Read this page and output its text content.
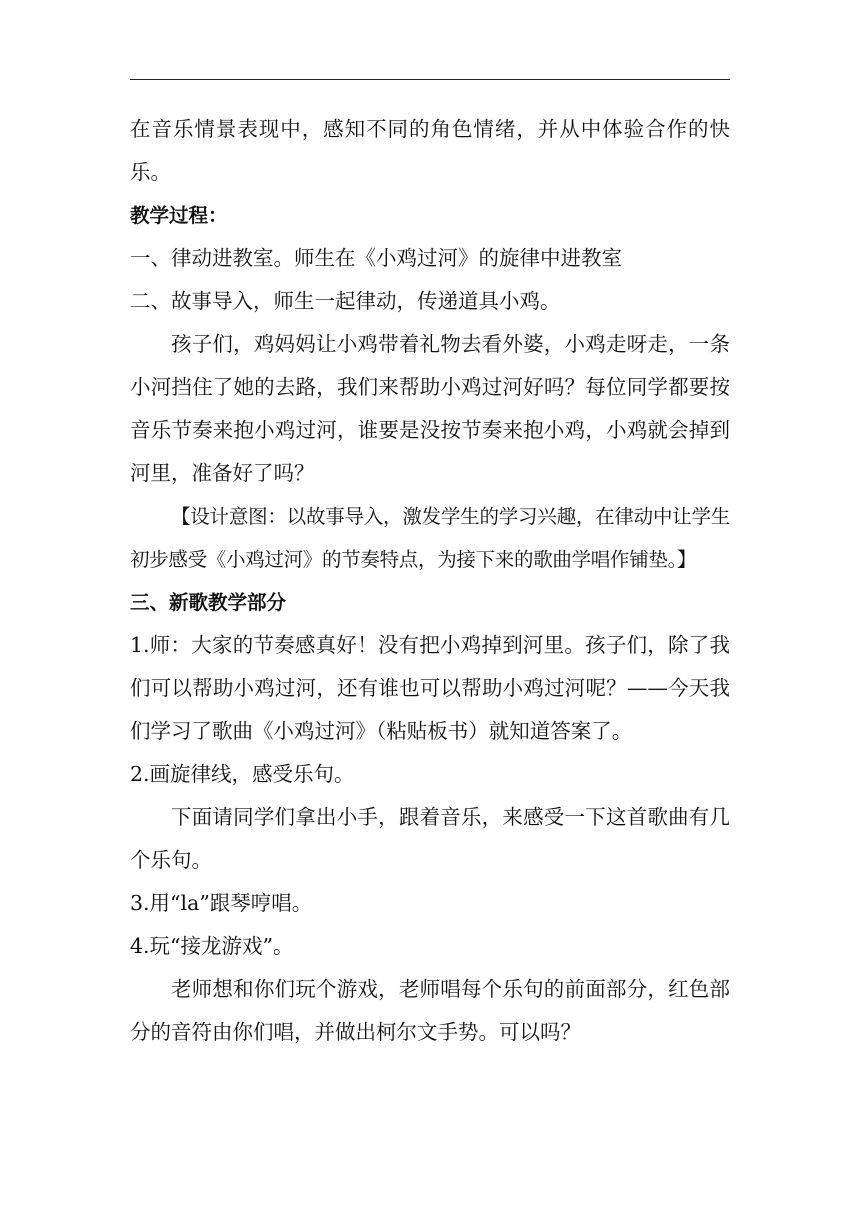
在音乐情景表现中，感知不同的角色情绪，并从中体验合作的快乐。

教学过程：

一、律动进教室。师生在《小鸡过河》的旋律中进教室

二、故事导入，师生一起律动，传递道具小鸡。

孩子们，鸡妈妈让小鸡带着礼物去看外婆，小鸡走呀走，一条小河挡住了她的去路，我们来帮助小鸡过河好吗？每位同学都要按音乐节奏来抱小鸡过河，谁要是没按节奏来抱小鸡，小鸡就会掉到河里，准备好了吗？

【设计意图：以故事导入，激发学生的学习兴趣，在律动中让学生初步感受《小鸡过河》的节奏特点，为接下来的歌曲学唱作铺垫。】

三、新歌教学部分

1.师：大家的节奏感真好！没有把小鸡掉到河里。孩子们，除了我们可以帮助小鸡过河，还有谁也可以帮助小鸡过河呢？——今天我们学习了歌曲《小鸡过河》（粘贴板书）就知道答案了。

2.画旋律线，感受乐句。

下面请同学们拿出小手，跟着音乐，来感受一下这首歌曲有几个乐句。

3.用“la”跟琴哼唱。

4.玩“接龙游戏”。

老师想和你们玩个游戏，老师唱每个乐句的前面部分，红色部分的音符由你们唱，并做出柯尔文手势。可以吗？
